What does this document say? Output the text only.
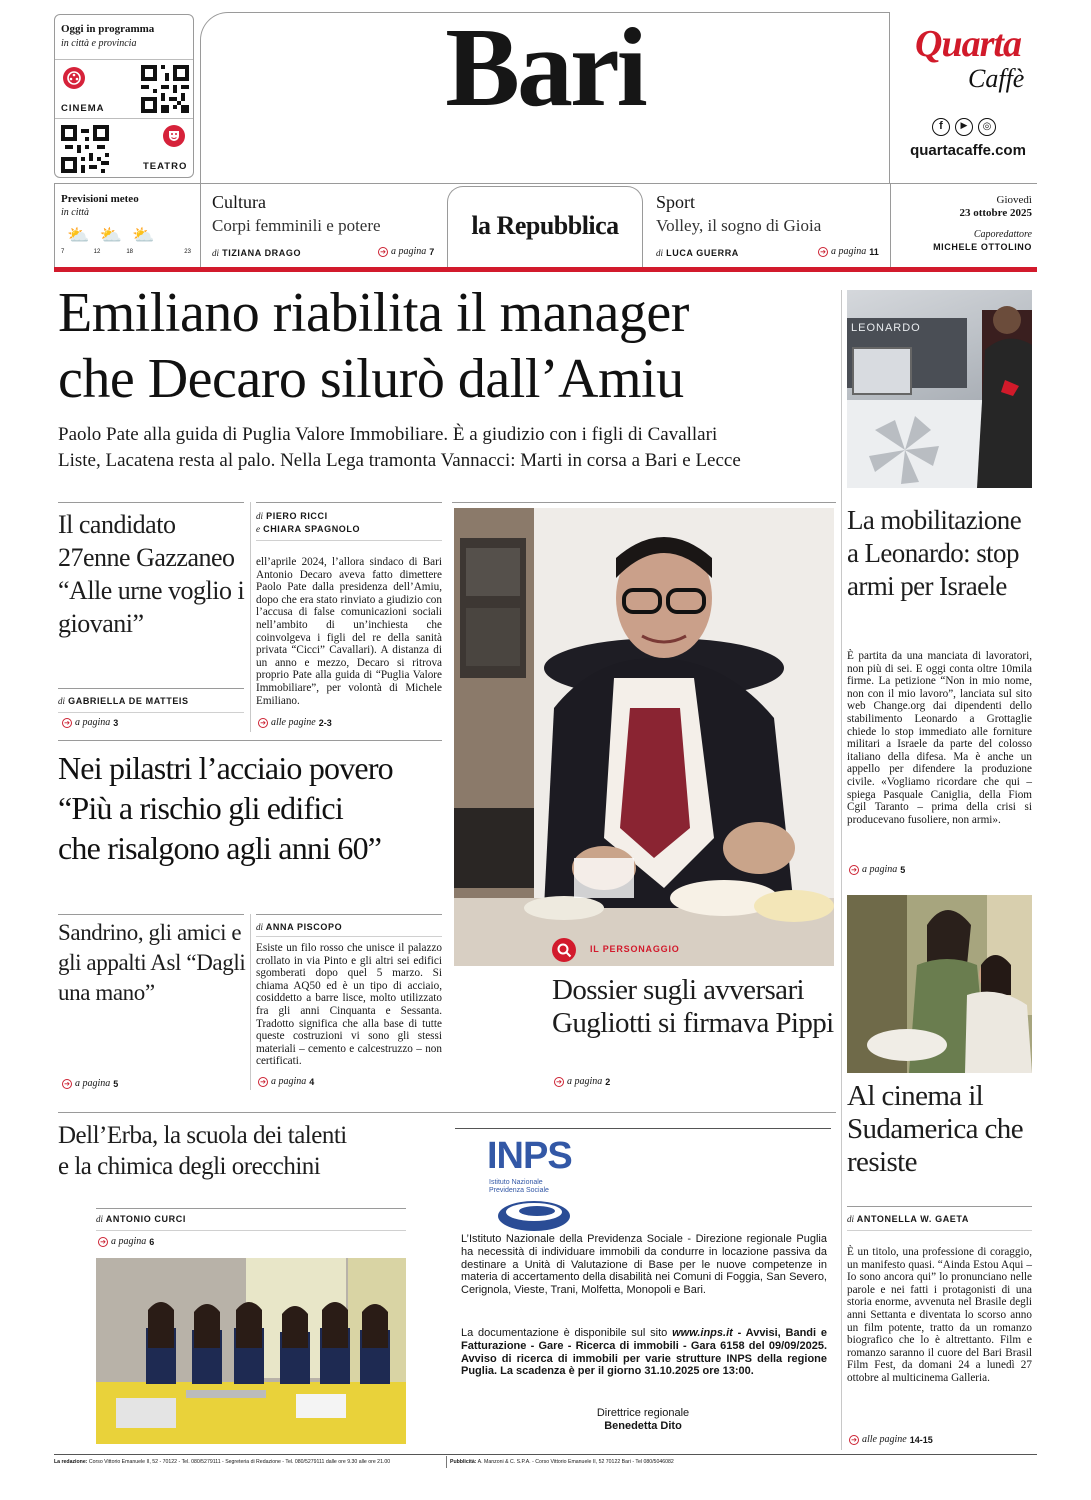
Oggi in programma
in città e provincia
CINEMA
TEATRO
Bari	Quarta
Caffè
f	▶	◎
quartacaffe.com
Previsioni meteo
in città
⛅
7
⛅
12
⛅
18	23
Cultura
Corpi femminili e potere
di TIZIANA DRAGO	➔ a pagina 7
la Repubblica
Sport
Volley, il sogno di Gioia
di LUCA GUERRA	➔ a pagina 11
Giovedì
23 ottobre 2025
Caporedattore
MICHELE OTTOLINO
Emiliano riabilita il manager
che Decaro silurò dall’Amiu
Paolo Pate alla guida di Puglia Valore Immobiliare. È a giudizio con i figli di Cavallari
Liste, Lacatena resta al palo. Nella Lega tramonta Vannacci: Marti in corsa a Bari e Lecce
LEONARDO
Il candidato 27enne Gazzaneo “Alle urne voglio i giovani”
di GABRIELLA DE MATTEIS
➔ a pagina 3
di PIERO RICCI
e CHIARA SPAGNOLO
ell’aprile 2024, l’allora sindaco di Bari Antonio Decaro aveva fatto dimettere Paolo Pate dalla presidenza dell’Amiu, dopo che era stato rinviato a giudizio con l’accusa di false comunicazioni sociali nell’ambito di un’inchiesta che coinvolgeva i figli del re della sanità privata “Cicci” Cavallari). A distanza di un anno e mezzo, Decaro si ritrova proprio Pate alla guida di “Puglia Valore Immobiliare”, per volontà di Michele Emiliano.
➔ alle pagine 2-3
Nei pilastri l’acciaio povero
“Più a rischio gli edifici
che risalgono agli anni 60”
Sandrino, gli amici e gli appalti Asl “Dagli una mano”
➔ a pagina 5
di ANNA PISCOPO
Esiste un filo rosso che unisce il palazzo crollato in via Pinto e gli altri sei edifici sgomberati dopo quel 5 marzo. Si chiama AQ50 ed è un tipo di acciaio, cosiddetto a barre lisce, molto utilizzato fra gli anni Cinquanta e Sessanta. Tradotto significa che alla base di tutte queste costruzioni vi sono gli stessi materiali – cemento e calcestruzzo – non certificati.
➔ a pagina 4
IL PERSONAGGIO
Dossier sugli avversari
Gugliotti si firmava Pippi
➔ a pagina 2
La mobilitazione a Leonardo: stop armi per Israele
È partita da una manciata di lavoratori, non più di sei. E oggi conta oltre 10mila firme. La petizione “Non in mio nome, non con il mio lavoro”, lanciata sul sito web Change.org dai dipendenti dello stabilimento Leonardo a Grottaglie chiede lo stop immediato alle forniture militari a Israele da parte del colosso italiano della difesa. Ma è anche un appello per difendere la produzione civile. «Vogliamo ricordare che qui – spiega Pasquale Caniglia, della Fiom Cgil Taranto – prima della crisi si producevano fusoliere, non armi».
➔ a pagina 5
Al cinema il Sudamerica che resiste
di ANTONELLA W. GAETA
È un titolo, una professione di coraggio, un manifesto quasi. “Ainda Estou Aqui – Io sono ancora qui” lo pronunciano nelle parole e nei fatti i protagonisti di una storia enorme, avvenuta nel Brasile degli anni Settanta e diventata lo scorso anno un film potente, tratto da un romanzo biografico che lo è altrettanto. Film e romanzo saranno il cuore del Bari Brasil Film Fest, da domani 24 a lunedì 27 ottobre al multicinema Galleria.
➔ alle pagine 14-15
Dell’Erba, la scuola dei talenti
e la chimica degli orecchini
di ANTONIO CURCI
➔ a pagina 6
INPS
Istituto Nazionale
Previdenza Sociale
L’Istituto Nazionale della Previdenza Sociale - Direzione regionale Puglia ha necessità di individuare immobili da condurre in locazione passiva da destinare a Unità di Valutazione di Base per le nuove competenze in materia di accertamento della disabilità nei Comuni di Foggia, San Severo, Cerignola, Vieste, Trani, Molfetta, Monopoli e Bari.
La documentazione è disponibile sul sito www.inps.it - Avvisi, Bandi e Fatturazione - Gare - Ricerca di immobili - Gara 6158 del 09/09/2025. Avviso di ricerca di immobili per varie strutture INPS della regione Puglia. La scadenza è per il giorno 31.10.2025 ore 13:00.
Direttrice regionale
Benedetta Dito
La redazione: Corso Vittorio Emanuele II, 52 - 70122 - Tel. 080/5279111 - Segreteria di Redazione - Tel. 080/5279111 dalle ore 9.30 alle ore 21.00	Pubblicità: A. Manzoni & C. S.P.A. - Corso Vittorio Emanuele II, 52 70122 Bari - Tel 080/5046082
